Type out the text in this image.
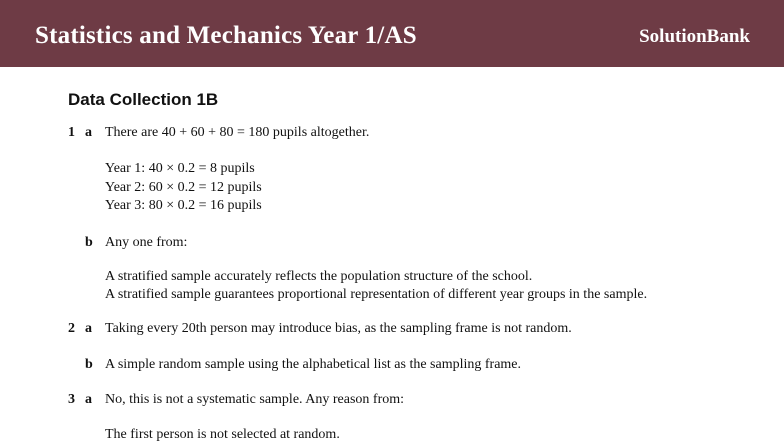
Statistics and Mechanics Year 1/AS	SolutionBank
Data Collection 1B
1 a There are 40 + 60 + 80 = 180 pupils altogether.
Year 1: 40 × 0.2 = 8 pupils
Year 2: 60 × 0.2 = 12 pupils
Year 3: 80 × 0.2 = 16 pupils
b Any one from:
A stratified sample accurately reflects the population structure of the school.
A stratified sample guarantees proportional representation of different year groups in the sample.
2 a Taking every 20th person may introduce bias, as the sampling frame is not random.
b A simple random sample using the alphabetical list as the sampling frame.
3 a No, this is not a systematic sample. Any reason from:
The first person is not selected at random.
